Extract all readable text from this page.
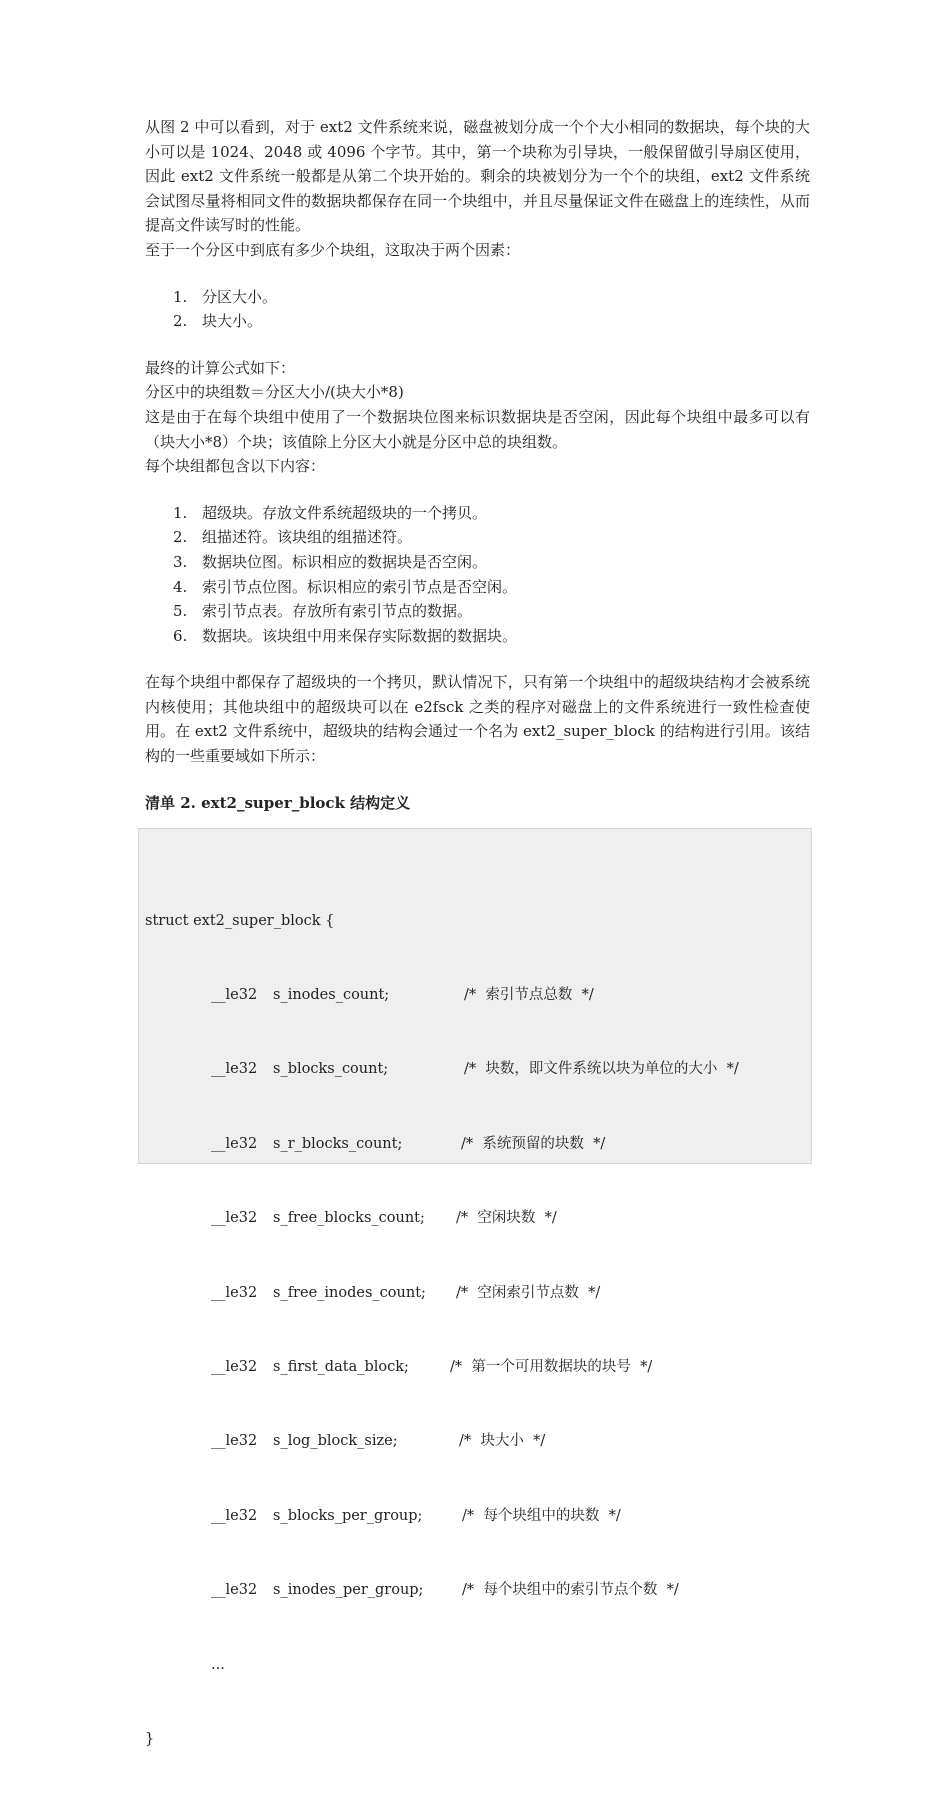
从图 2 中可以看到，对于 ext2 文件系统来说，磁盘被划分成一个个大小相同的数据块，每个块的大小可以是 1024、2048 或 4096 个字节。其中，第一个块称为引导块，一般保留做引导扇区使用，因此 ext2 文件系统一般都是从第二个块开始的。剩余的块被划分为一个个的块组，ext2 文件系统会试图尽量将相同文件的数据块都保存在同一个块组中，并且尽量保证文件在磁盘上的连续性，从而提高文件读写时的性能。

至于一个分区中到底有多少个块组，这取决于两个因素：

1. 分区大小。
2. 块大小。

最终的计算公式如下：

分区中的块组数＝分区大小/(块大小*8)

这是由于在每个块组中使用了一个数据块位图来标识数据块是否空闲，因此每个块组中最多可以有（块大小*8）个块；该值除上分区大小就是分区中总的块组数。

每个块组都包含以下内容：

1. 超级块。存放文件系统超级块的一个拷贝。
2. 组描述符。该块组的组描述符。
3. 数据块位图。标识相应的数据块是否空闲。
4. 索引节点位图。标识相应的索引节点是否空闲。
5. 索引节点表。存放所有索引节点的数据。
6. 数据块。该块组中用来保存实际数据的数据块。

在每个块组中都保存了超级块的一个拷贝，默认情况下，只有第一个块组中的超级块结构才会被系统内核使用；其他块组中的超级块可以在 e2fsck 之类的程序对磁盘上的文件系统进行一致性检查使用。在 ext2 文件系统中，超级块的结构会通过一个名为 ext2_super_block 的结构进行引用。该结构的一些重要域如下所示：

清单 2. ext2_super_block 结构定义

struct ext2_super_block {

__le32 s_inodes_count;	/*  索引节点总数  */

__le32 s_blocks_count;	/*  块数，即文件系统以块为单位的大小  */

__le32 s_r_blocks_count;	/*  系统预留的块数  */

__le32 s_free_blocks_count; /*  空闲块数  */

__le32 s_free_inodes_count; /*  空闲索引节点数  */

__le32 s_first_data_block;	/*  第一个可用数据块的块号  */

__le32 s_log_block_size;	/*  块大小  */

__le32 s_blocks_per_group;	/*  每个块组中的块数  */

__le32 s_inodes_per_group;	/*  每个块组中的索引节点个数  */

...

}
